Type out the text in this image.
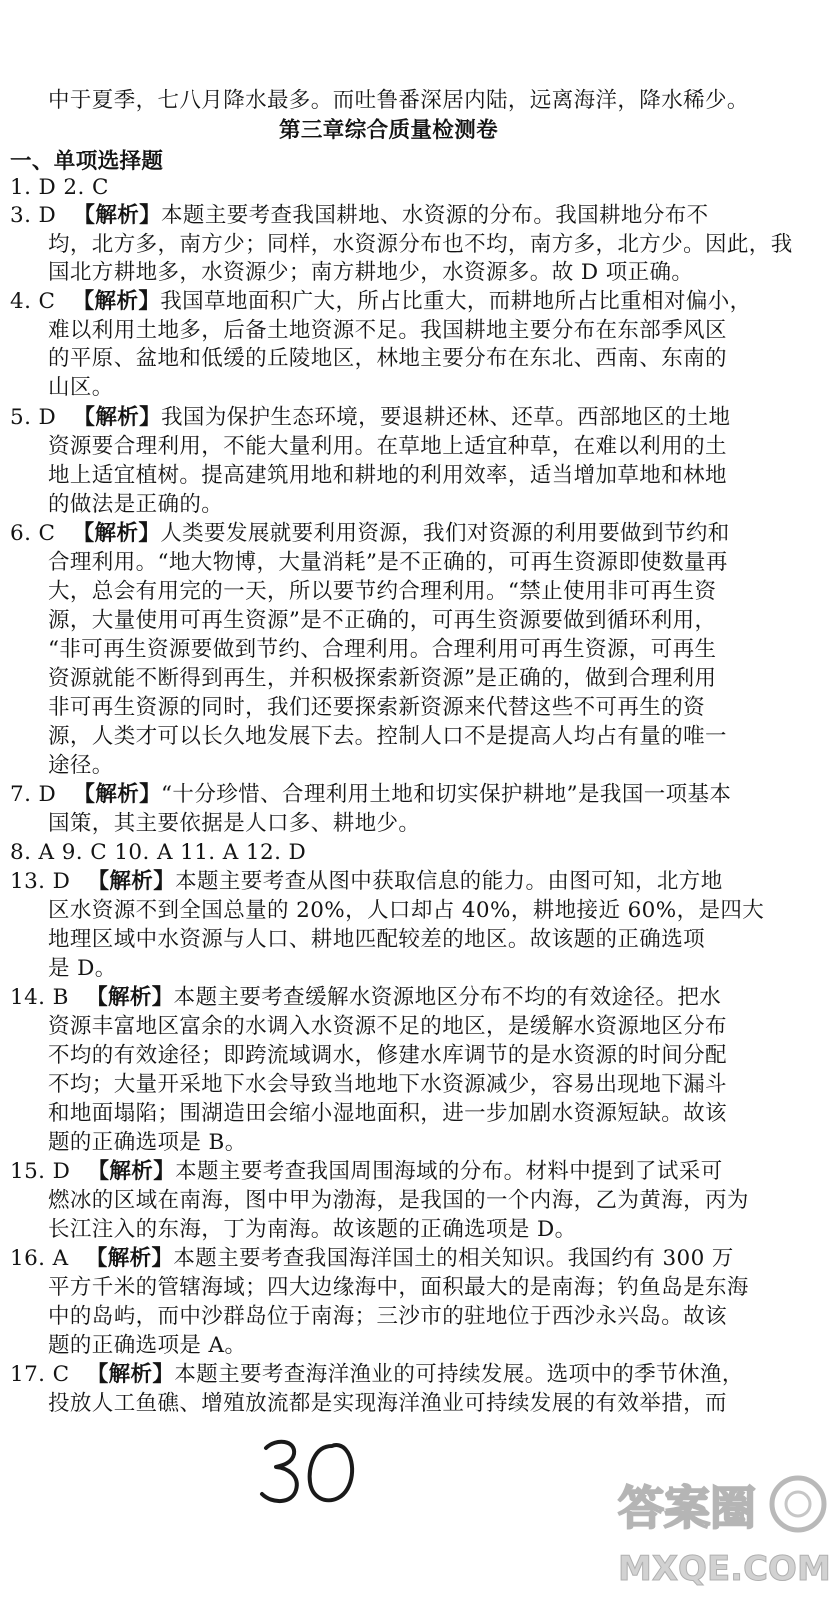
中于夏季，七八月降水最多。而吐鲁番深居内陆，远离海洋，降水稀少。
第三章综合质量检测卷
一、单项选择题
1. D 2. C
3. D 【解析】本题主要考查我国耕地、水资源的分布。我国耕地分布不
均，北方多，南方少；同样，水资源分布也不均，南方多，北方少。因此，我
国北方耕地多，水资源少；南方耕地少，水资源多。故 D 项正确。
4. C 【解析】我国草地面积广大，所占比重大，而耕地所占比重相对偏小，
难以利用土地多，后备土地资源不足。我国耕地主要分布在东部季风区
的平原、盆地和低缓的丘陵地区，林地主要分布在东北、西南、东南的
山区。
5. D 【解析】我国为保护生态环境，要退耕还林、还草。西部地区的土地
资源要合理利用，不能大量利用。在草地上适宜种草，在难以利用的土
地上适宜植树。提高建筑用地和耕地的利用效率，适当增加草地和林地
的做法是正确的。
6. C 【解析】人类要发展就要利用资源，我们对资源的利用要做到节约和
合理利用。“地大物博，大量消耗”是不正确的，可再生资源即使数量再
大，总会有用完的一天，所以要节约合理利用。“禁止使用非可再生资
源，大量使用可再生资源”是不正确的，可再生资源要做到循环利用，
“非可再生资源要做到节约、合理利用。合理利用可再生资源，可再生
资源就能不断得到再生，并积极探索新资源”是正确的，做到合理利用
非可再生资源的同时，我们还要探索新资源来代替这些不可再生的资
源，人类才可以长久地发展下去。控制人口不是提高人均占有量的唯一
途径。
7. D 【解析】“十分珍惜、合理利用土地和切实保护耕地”是我国一项基本
国策，其主要依据是人口多、耕地少。
8. A 9. C 10. A 11. A 12. D
13. D 【解析】本题主要考查从图中获取信息的能力。由图可知，北方地
区水资源不到全国总量的 20%，人口却占 40%，耕地接近 60%，是四大
地理区域中水资源与人口、耕地匹配较差的地区。故该题的正确选项
是 D。
14. B 【解析】本题主要考查缓解水资源地区分布不均的有效途径。把水
资源丰富地区富余的水调入水资源不足的地区，是缓解水资源地区分布
不均的有效途径；即跨流域调水，修建水库调节的是水资源的时间分配
不均；大量开采地下水会导致当地地下水资源减少，容易出现地下漏斗
和地面塌陷；围湖造田会缩小湿地面积，进一步加剧水资源短缺。故该
题的正确选项是 B。
15. D 【解析】本题主要考查我国周围海域的分布。材料中提到了试采可
燃冰的区域在南海，图中甲为渤海，是我国的一个内海，乙为黄海，丙为
长江注入的东海，丁为南海。故该题的正确选项是 D。
16. A 【解析】本题主要考查我国海洋国土的相关知识。我国约有 300 万
平方千米的管辖海域；四大边缘海中，面积最大的是南海；钓鱼岛是东海
中的岛屿，而中沙群岛位于南海；三沙市的驻地位于西沙永兴岛。故该
题的正确选项是 A。
17. C 【解析】本题主要考查海洋渔业的可持续发展。选项中的季节休渔，
投放人工鱼礁、增殖放流都是实现海洋渔业可持续发展的有效举措，而
答案圈
MXQE.COM
